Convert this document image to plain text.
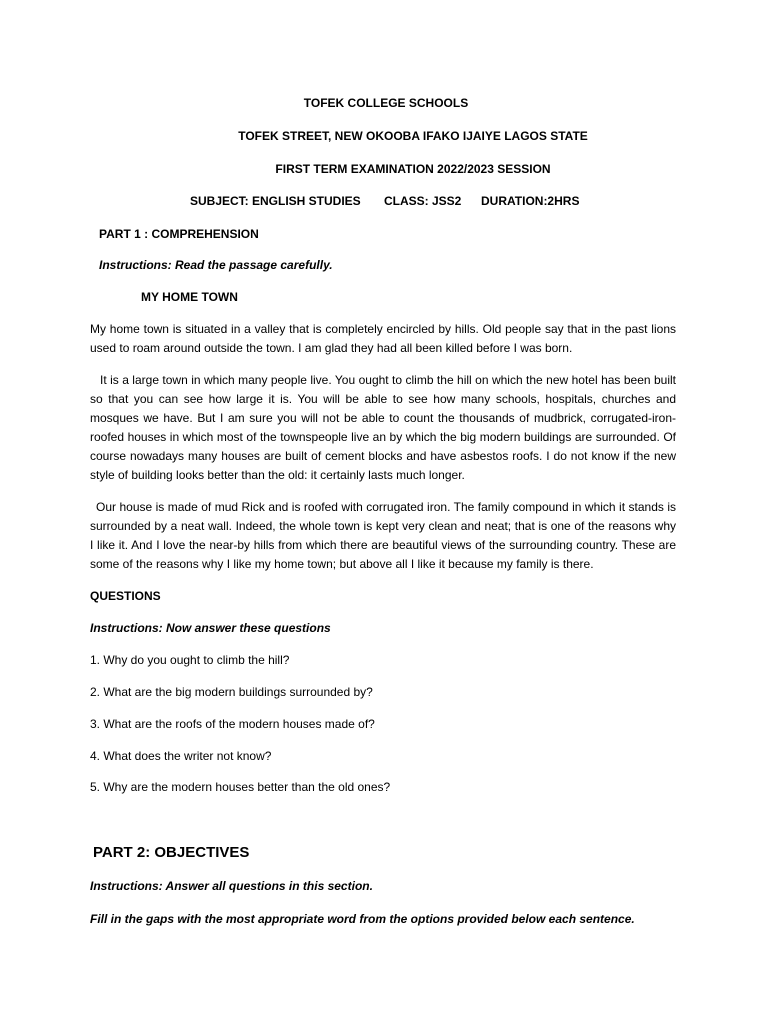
TOFEK COLLEGE SCHOOLS
TOFEK STREET, NEW OKOOBA IFAKO IJAIYE LAGOS STATE
FIRST TERM EXAMINATION 2022/2023 SESSION
SUBJECT: ENGLISH STUDIES CLASS: JSS2 DURATION:2HRS
PART 1 : COMPREHENSION
Instructions: Read the passage carefully.
MY HOME TOWN
My home town is situated in a valley that is completely encircled by hills. Old people say that in the past lions used to roam around outside the town. I am glad they had all been killed before I was born.
It is a large town in which many people live. You ought to climb the hill on which the new hotel has been built so that you can see how large it is. You will be able to see how many schools, hospitals, churches and mosques we have. But I am sure you will not be able to count the thousands of mudbrick, corrugated-iron-roofed houses in which most of the townspeople live an by which the big modern buildings are surrounded. Of course nowadays many houses are built of cement blocks and have asbestos roofs. I do not know if the new style of building looks better than the old: it certainly lasts much longer.
Our house is made of mud Rick and is roofed with corrugated iron. The family compound in which it stands is surrounded by a neat wall. Indeed, the whole town is kept very clean and neat; that is one of the reasons why I like it. And I love the near-by hills from which there are beautiful views of the surrounding country. These are some of the reasons why I like my home town; but above all I like it because my family is there.
QUESTIONS
Instructions: Now answer these questions
1. Why do you ought to climb the hill?
2. What are the big modern buildings surrounded by?
3. What are the roofs of the modern houses made of?
4. What does the writer not know?
5. Why are the modern houses better than the old ones?
PART 2: OBJECTIVES
Instructions: Answer all questions in this section.
Fill in the gaps with the most appropriate word from the options provided below each sentence.
